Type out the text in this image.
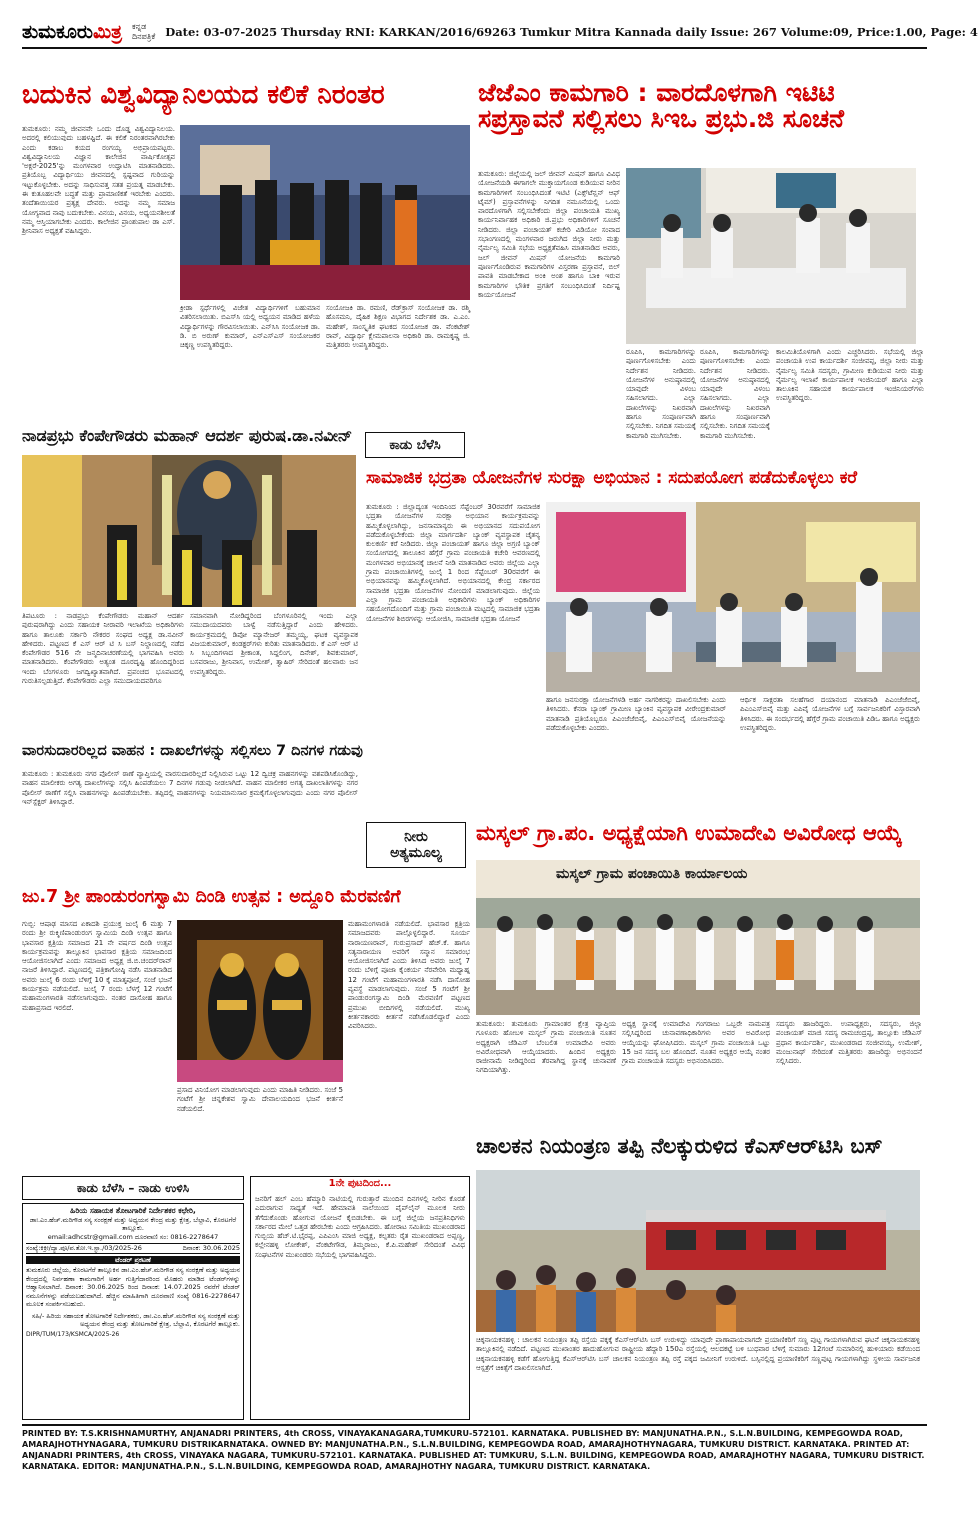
ತುಮಕೂರುಮಿತ್ರ ಕನ್ನಡ ದಿನಪತ್ರಿಕೆ Date: 03-07-2025 Thursday RNI: KARKAN/2016/69263 Tumkur Mitra Kannada daily Issue: 267 Volume:09, Price:1.00, Page: 4
ಬದುಕಿನ ವಿಶ್ವವಿದ್ಯಾನಿಲಯದ ಕಲಿಕೆ ನಿರಂತರ
ತುಮಕೂರು: ನಮ್ಮ ಜೀವನವೇ ಒಂದು ದೊಡ್ಡ ವಿಶ್ವವಿದ್ಯಾನಿಲಯ. ಅದರಲ್ಲಿ ಕಲಿಯುವುದು ಬಹಳಷ್ಟಿದೆ. ಈ ಕಲಿಕೆ ನಿರಂತರವಾಗಿರಬೇಕು ಎಂದು ಕಡಾಬ ಕಯದ ರಂಗಯ್ಯ ಅಭಿಪ್ರಾಯಪಟ್ಟರು. ವಿಶ್ವವಿದ್ಯಾನಿಲಯ ವಿಜ್ಞಾನ ಕಾಲೇಜಿನ ವಾರ್ಷಿಕೋತ್ಸವ 'ಅಕ್ಷರೆ-2025'ನ್ನು ಮಂಗಳವಾರ ಉದ್ಘಾಟಿಸಿ ಮಾತನಾಡಿದರು. ಪ್ರತಿಯೊಬ್ಬ ವಿದ್ಯಾರ್ಥಿಯು ಜೀವನದಲ್ಲಿ ಸ್ಪಷ್ಟವಾದ ಗುರಿಯನ್ನು ಇಟ್ಟುಕೊಳ್ಳಬೇಕು. ಅದನ್ನು ಸಾಧಿಸುವತ್ತ ಸತತ ಪ್ರಯತ್ನ ಮಾಡಬೇಕು. ಈ ಕುತೂಹಲವೇ ಬದ್ಧತೆ ಮತ್ತು ಪ್ರಾಮಾಣಿಕತೆ ಇರಬೇಕು ಎಂದರು. ತಂದೆತಾಯಿಯರ ಪ್ರತ್ಯಕ್ಷ ದೇವರು. ಅದನ್ನು ನಮ್ಮ ಸಮಾಜ ಯೋಗ್ಯವಾದ ನಾವು ಬದುಕಬೇಕು. ವಿನಯ, ವಿನಯ, ಅಧ್ಯಯನಶೀಲತೆ ನಮ್ಮ ಆಸ್ತಿಯಾಗಬೇಕು ಎಂದರು. ಕಾಲೇಜಿನ ಪ್ರಾಂಶುಪಾಲ ಡಾ ಎಸ್. ಶ್ರೀನಿವಾಸ ಅಧ್ಯಕ್ಷತೆ ವಹಿಸಿದ್ದರು.
ಕ್ರೀಡಾ ಸ್ಪರ್ಧೆಗಳಲ್ಲಿ ವಿಜೇತ ವಿದ್ಯಾರ್ಥಿಗಳಿಗೆ ಬಹುಮಾನ ವಿತರಿಸಲಾಯಿತು. ಬಿಎಸ್‌ಸಿ ಯಲ್ಲಿ ಅಧ್ಯಯನ ಮಾಡಿದ ಹಳೆಯ ವಿದ್ಯಾರ್ಥಿಗಳನ್ನು ಗೌರವಿಸಲಾಯಿತು. ಎನ್‌ಸಿಸಿ ಸಂಯೋಜಕ ಡಾ. ಡಿ. ಬಿ ಅರುಣ್ ಕುಮಾರ್, ಎನ್‌ಎಸ್‌ಎಸ್ ಸಂಯೋಜಕರ ಚಿಕ್ಕಣ್ಣ ಉಪಸ್ಥಿತರಿದ್ದರು.
ಸಂಯೋಜಕಿ ಡಾ. ರಮಣಿ, ರೆಡ್‌ಕ್ರಾಸ್ ಸಂಯೋಜಕ ಡಾ. ರಶ್ಮಿ ಹೊಸಮನಿ, ದೈಹಿಕ ಶಿಕ್ಷಣ ವಿಭಾಗದ ನಿರ್ದೇಶಕ ಡಾ. ಎ.ಎಂ. ಮಹೇಶ್, ಸಾಂಸ್ಕೃತಿಕ ಘಟಕದ ಸಂಯೋಜಕ ಡಾ. ವೆಂಕಟೇಶ್ ರಾವ್, ವಿದ್ಯಾರ್ಥಿ ಕ್ಷೇಮಪಾಲನಾ ಅಧಿಕಾರಿ ಡಾ. ರಾಮಕೃಷ್ಣ ಜಿ. ಮತ್ತಿತರರು ಉಪಸ್ಥಿತರಿದ್ದರು.
ಜೆಜೆಎಂ ಕಾಮಗಾರಿ : ವಾರದೊಳಗಾಗಿ ಇಟಿಟಿ ಸಪ್ರಸ್ತಾವನೆ ಸಲ್ಲಿಸಲು ಸಿಇಒ ಪ್ರಭು.ಜಿ ಸೂಚನೆ
ತುಮಕೂರು: ಜಿಲ್ಲೆಯಲ್ಲಿ ಜಲ್ ಜೀವನ್ ಮಿಷನ್ ಹಾಗೂ ವಿವಿಧ ಯೋಜನೆಯಡಿ ಈಗಾಗಲೇ ಮುಕ್ತಾಯಗೊಂಡ ಕುಡಿಯುವ ನೀರಿನ ಕಾಮಗಾರಿಗಳಿಗೆ ಸಂಬಂಧಿಸಿದಂತೆ ಇಟಿಟಿ (ಎಕ್ಸ್‌ಟೆನ್ಷನ್ ಆಫ್ ಟೈಮ್) ಪ್ರಸ್ತಾವನೆಗಳನ್ನು ನಿಗದಿತ ನಮೂನೆಯಲ್ಲಿ ಒಂದು ವಾರದೊಳಗಾಗಿ ಸಲ್ಲಿಸಬೇಕೆಂದು ಜಿಲ್ಲಾ ಪಂಚಾಯತಿ ಮುಖ್ಯ ಕಾರ್ಯನಿರ್ವಾಹಕ ಅಧಿಕಾರಿ ಜಿ.ಪ್ರಭು ಅಧಿಕಾರಿಗಳಿಗೆ ಸೂಚನೆ ನೀಡಿದರು. ಜಿಲ್ಲಾ ಪಂಚಾಯತ್ ಕಚೇರಿ ವಿಡಿಯೋ ಸಂವಾದ ಸಭಾಂಗಣದಲ್ಲಿ ಮಂಗಳವಾರ ಜರುಗಿದ ಜಿಲ್ಲಾ ನೀರು ಮತ್ತು ನೈರ್ಮಲ್ಯ ಸಮಿತಿ ಸಭೆಯ ಅಧ್ಯಕ್ಷತೆವಹಿಸಿ ಮಾತನಾಡಿದ ಅವರು, ಜಲ್ ಜೀವನ್ ಮಿಷನ್ ಯೋಜನೆಯ ಕಾಮಗಾರಿ ಪೂರ್ಣಗೊಂಡಿರುವ ಕಾಮಗಾರಿಗಳ ವಿಸ್ತರಣಾ ಪ್ರಸ್ತಾವನೆ, ಬಿಲ್ ಪಾವತಿ ಮಾಡಬೇಕಾದ ಅಂಕಿ ಅಂಶ ಹಾಗೂ ಬಾಕಿ ಇರುವ ಕಾಮಗಾರಿಗಳ ಭೌತಿಕ ಪ್ರಗತಿಗೆ ಸಂಬಂಧಿಸಿದಂತೆ ನಿರ್ದಿಷ್ಟ ಕಾರ್ಯಯೋಜನೆ
ರೂಪಿಸಿ, ಕಾಮಗಾರಿಗಳನ್ನು ಪೂರ್ಣಗೊಳಿಸಬೇಕು ಎಂದು ನಿರ್ದೇಶನ ನೀಡಿದರು. ಯೋಜನೆಗಳ ಅನುಷ್ಠಾನದಲ್ಲಿ ಯಾವುದೇ ವಿಳಂಬ ಸಹಿಸಲಾಗದು. ಎಲ್ಲಾ ದಾಖಲೆಗಳನ್ನು ನಿಖರವಾಗಿ ಹಾಗೂ ಸಂಪೂರ್ಣವಾಗಿ ಸಲ್ಲಿಸಬೇಕು. ನಿಗದಿತ ಸಮಯಕ್ಕೆ ಕಾಮಗಾರಿ ಮುಗಿಸಬೇಕು.
ರೂಪಿಸಿ, ಕಾಮಗಾರಿಗಳನ್ನು ಪೂರ್ಣಗೊಳಿಸಬೇಕು ಎಂದು ನಿರ್ದೇಶನ ನೀಡಿದರು. ಯೋಜನೆಗಳ ಅನುಷ್ಠಾನದಲ್ಲಿ ಯಾವುದೇ ವಿಳಂಬ ಸಹಿಸಲಾಗದು. ಎಲ್ಲಾ ದಾಖಲೆಗಳನ್ನು ನಿಖರವಾಗಿ ಹಾಗೂ ಸಂಪೂರ್ಣವಾಗಿ ಸಲ್ಲಿಸಬೇಕು. ನಿಗದಿತ ಸಮಯಕ್ಕೆ ಕಾಮಗಾರಿ ಮುಗಿಸಬೇಕು.
ಕಾಲಮಿತಿಯೊಳಗಾಗಿ ಎಂದು ಎಚ್ಚರಿಸಿದರು. ಸಭೆಯಲ್ಲಿ ಜಿಲ್ಲಾ ಪಂಚಾಯತಿ ಉಪ ಕಾರ್ಯದರ್ಶಿ ಸಂಜೀವಪ್ಪ, ಜಿಲ್ಲಾ ನೀರು ಮತ್ತು ನೈರ್ಮಲ್ಯ ಸಮಿತಿ ಸದಸ್ಯರು, ಗ್ರಾಮೀಣ ಕುಡಿಯುವ ನೀರು ಮತ್ತು ನೈರ್ಮಲ್ಯ ಇಲಾಖೆ ಕಾರ್ಯಪಾಲಕ ಇಂಜಿನಿಯರ್ ಹಾಗೂ ಎಲ್ಲಾ ತಾಲೂಕಿನ ಸಹಾಯಕ ಕಾರ್ಯಪಾಲಕ ಇಂಜಿನಿಯರ್‌ಗಳು ಉಪಸ್ಥಿತರಿದ್ದರು.
ಕಾಡು ಬೆಳೆಸಿ
ನಾಡಪ್ರಭು ಕೆಂಪೇಗೌಡರು ಮಹಾನ್ ಆದರ್ಶ ಪುರುಷ.ಡಾ.ನವೀನ್
ತಿಪಟೂರು : ನಾಡಪ್ರಭು ಕೆಂಪೇಗೌಡರು ಮಹಾನ್ ಆದರ್ಶ ಪುರುಷರಾಗಿದ್ದು ಎಂದು ಸಹಾಯಕ ನೀರಾವರಿ ಇಲಾಖೆಯ ಅಧಿಕಾರಿಗಳು ಹಾಗೂ ತಾಲೂಕು ಸರ್ಕಾರಿ ನೌಕರರ ಸಂಘದ ಅಧ್ಯಕ್ಷ ಡಾ.ನವೀನ್ ಹೇಳಿದರು. ಪಟ್ಟಣದ ಕೆ ಎಸ್ ಆರ್ ಟಿ ಸಿ ಬಸ್ ನಿಲ್ದಾಣದಲ್ಲಿ ನಡೆದ ಕೆಂಪೇಗೌಡರ 516 ನೇ ಜನ್ಮದಿನಾಚರಣೆಯಲ್ಲಿ ಭಾಗವಹಿಸಿ ಅವರು ಮಾತನಾಡಿದರು. ಕೆಂಪೇಗೌಡರು ಅತ್ಯಂತ ದೂರದೃಷ್ಟಿ ಹೊಂದಿದ್ದರಿಂದ ಇಂದು ಬೆಂಗಳೂರು ಜಗದ್ವಿಖ್ಯಾತವಾಗಿದೆ. ಪ್ರಪಂಚದ ಭೂಪಟದಲ್ಲಿ ಗುರುತಿಸಲ್ಪಡುತ್ತಿದೆ. ಕೆಂಪೇಗೌಡರು ಎಲ್ಲಾ ಸಮುದಾಯದವರಿಗೂ
ಸಮಾನವಾಗಿ ನೋಡಿದ್ದರಿಂದ ಬೆಂಗಳೂರಿನಲ್ಲಿ ಇಂದು ಎಲ್ಲಾ ಸಮುದಾಯದವರು ಬಾಳ್ವೆ ನಡೆಸುತ್ತಿದ್ದಾರೆ ಎಂದು ಹೇಳಿದರು. ಕಾರ್ಯಕ್ರಮದಲ್ಲಿ ಡಿಪೋ ಮ್ಯಾನೇಜರ್ ತಮ್ಮಯ್ಯ, ಘಟಕ ವ್ಯವಸ್ಥಾಪಕ ವಿಜಯಕುಮಾರ್, ಕಂಡಕ್ಟರ್‌ಗಳು ಕುರಿತು ಮಾತನಾಡಿದರು. ಕೆ ಎಸ್ ಆರ್ ಟಿ ಸಿ ಸಿಬ್ಬಂದಿಗಳಾದ ಶ್ರೀಕಾಂತ, ಸಿದ್ದಲಿಂಗ, ದಿನೇಶ್, ಶಿವಕುಮಾರ್, ಬಸವರಾಜು, ಶ್ರೀನಿವಾಸ, ಉಮೇಶ್, ತ್ವಾಹಿರ್ ಸೇರಿದಂತೆ ಹಲವಾರು ಜನ ಉಪಸ್ಥಿತರಿದ್ದರು.
ಸಾಮಾಜಿಕ ಭದ್ರತಾ ಯೋಜನೆಗಳ ಸುರಕ್ಷಾ ಅಭಿಯಾನ : ಸದುಪಯೋಗ ಪಡೆದುಕೊಳ್ಳಲು ಕರೆ
ತುಮಕೂರು : ಜಿಲ್ಲಾದ್ಯಂತ ಇಂದಿನಿಂದ ಸೆಪ್ಟೆಂಬರ್ 30ರವರೆಗೆ ಸಾಮಾಜಿಕ ಭದ್ರತಾ ಯೋಜನೆಗಳ ಸುರಕ್ಷಾ ಅಭಿಯಾನ ಕಾರ್ಯಕ್ರಮವನ್ನು ಹಮ್ಮಿಕೊಳ್ಳಲಾಗಿದ್ದು, ಜನಸಾಮಾನ್ಯರು ಈ ಅಭಿಯಾನದ ಸದುಪಯೋಗ ಪಡೆದುಕೊಳ್ಳಬೇಕೆಂದು ಜಿಲ್ಲಾ ಮಾರ್ಗದರ್ಶಿ ಬ್ಯಾಂಕ್ ವ್ಯವಸ್ಥಾಪಕ ಚೈತನ್ಯ ಕುಲಕರ್ಣಿ ಕರೆ ನೀಡಿದರು. ಜಿಲ್ಲಾ ಪಂಚಾಯತ್ ಹಾಗೂ ಜಿಲ್ಲಾ ಅಗ್ರಣಿ ಬ್ಯಾಂಕ್ ಸಂಯೋಗದಲ್ಲಿ ತಾಲೂಕಿನ ಹೆಗ್ಗೆರೆ ಗ್ರಾಮ ಪಂಚಾಯತಿ ಕಚೇರಿ ಆವರಣದಲ್ಲಿ ಮಂಗಳವಾರ ಅಭಿಯಾನಕ್ಕೆ ಚಾಲನೆ ನೀಡಿ ಮಾತನಾಡಿದ ಅವರು ಜಿಲ್ಲೆಯ ಎಲ್ಲಾ ಗ್ರಾಮ ಪಂಚಾಯಿತಿಗಳಲ್ಲಿ ಜುಲೈ 1 ರಿಂದ ಸೆಪ್ಟೆಂಬರ್ 30ರವರೆಗೆ ಈ ಅಭಿಯಾನವನ್ನು ಹಮ್ಮಿಕೊಳ್ಳಲಾಗಿದೆ. ಅಭಿಯಾನದಲ್ಲಿ ಕೇಂದ್ರ ಸರ್ಕಾರದ ಸಾಮಾಜಿಕ ಭದ್ರತಾ ಯೋಜನೆಗಳ ನೋಂದಣಿ ಮಾಡಲಾಗುವುದು. ಜಿಲ್ಲೆಯ ಎಲ್ಲಾ ಗ್ರಾಮ ಪಂಚಾಯತಿ ಅಧಿಕಾರಿಗಳು ಬ್ಯಾಂಕ್ ಅಧಿಕಾರಿಗಳ ಸಹಯೋಗದೊಂದಿಗೆ ಮತ್ತು ಗ್ರಾಮ ಪಂಚಾಯಿತಿ ಮಟ್ಟದಲ್ಲಿ ಸಾಮಾಜಿಕ ಭದ್ರತಾ ಯೋಜನೆಗಳ ಶಿಬಿರಗಳನ್ನು ಆಯೋಜಿಸಿ, ಸಾಮಾಜಿಕ ಭದ್ರತಾ ಯೋಜನೆ
ಹಾಗೂ ಜನಸುರಕ್ಷಾ ಯೋಜನೆಗಳಡಿ ಅರ್ಹ ನಾಗರಿಕರನ್ನು ದಾಖಲಿಸಬೇಕು ಎಂದು ತಿಳಿಸಿದರು. ಕೆನರಾ ಬ್ಯಾಂಕ್ ಗ್ರಾಮೀಣ ಬ್ಯಾಂಕಿನ ವ್ಯವಸ್ಥಾಪಕ ವೀರೇಂದ್ರಕುಮಾರ್ ಮಾತನಾಡಿ ಪ್ರತಿಯೊಬ್ಬರೂ ಪಿಎಂಜೆಜೆಬಿವೈ, ಪಿಎಂಎಸ್‌ಬಿವೈ ಯೋಜನೆಯನ್ನು ಪಡೆದುಕೊಳ್ಳಬೇಕು ಎಂದರು.
ಆರ್ಥಿಕ ಸಾಕ್ಷರತಾ ಸಲಹೆಗಾರ ದಯಾನಂದ ಮಾತನಾಡಿ ಪಿಎಂಜೆಜೆಬಿವೈ, ಪಿಎಂಎಸ್‌ಬಿವೈ ಮತ್ತು ಎಪಿವೈ ಯೋಜನೆಗಳ ಬಗ್ಗೆ ಸಾರ್ವಜನಿಕರಿಗೆ ವಿಸ್ತಾರವಾಗಿ ತಿಳಿಸಿದರು. ಈ ಸಂದರ್ಭದಲ್ಲಿ ಹೆಗ್ಗೆರೆ ಗ್ರಾಮ ಪಂಚಾಯಿತಿ ಪಿಡಿಒ ಹಾಗೂ ಅಧ್ಯಕ್ಷರು ಉಪಸ್ಥಿತರಿದ್ದರು.
ವಾರಸುದಾರರಿಲ್ಲದ ವಾಹನ : ದಾಖಲೆಗಳನ್ನು ಸಲ್ಲಿಸಲು 7 ದಿನಗಳ ಗಡುವು
ತುಮಕೂರು : ತುಮಕೂರು ನಗರ ಪೊಲೀಸ್ ಠಾಣೆ ವ್ಯಾಪ್ತಿಯಲ್ಲಿ ವಾರಸುದಾರರಿಲ್ಲದೆ ನಿಲ್ಲಿಸಿರುವ ಒಟ್ಟು 12 ದ್ವಿಚಕ್ರ ವಾಹನಗಳನ್ನು ವಶಪಡಿಸಿಕೊಂಡಿದ್ದು, ವಾಹನ ಮಾಲೀಕರು ಅಗತ್ಯ ದಾಖಲೆಗಳನ್ನು ಸಲ್ಲಿಸಿ ಹಿಂಪಡೆಯಲು 7 ದಿನಗಳ ಗಡುವು ನೀಡಲಾಗಿದೆ. ವಾಹನ ಮಾಲೀಕರ ಅಗತ್ಯ ದಾಖಲಾತಿಗಳನ್ನು ನಗರ ಪೊಲೀಸ್ ಠಾಣೆಗೆ ಸಲ್ಲಿಸಿ ವಾಹನಗಳನ್ನು ಹಿಂಪಡೆಯಬೇಕು. ತಪ್ಪಿದಲ್ಲಿ ವಾಹನಗಳನ್ನು ನಿಯಮಾನುಸಾರ ಕ್ರಮಕೈಗೊಳ್ಳಲಾಗುವುದು ಎಂದು ನಗರ ಪೊಲೀಸ್ ಇನ್‌ಸ್ಪೆಕ್ಟರ್ ತಿಳಿಸಿದ್ದಾರೆ.
ನೀರು
ಅತ್ಯಮೂಲ್ಯ
ಜು.7 ಶ್ರೀ ಪಾಂಡುರಂಗಸ್ವಾಮಿ ದಿಂಡಿ ಉತ್ಸವ : ಅದ್ದೂರಿ ಮೆರವಣಿಗೆ
ಗುಬ್ಬಿ: ಆಷಾಢ ಮಾಸದ ಏಕಾದಶಿ ಪ್ರಯುಕ್ತ ಜುಲೈ 6 ಮತ್ತು 7 ರಂದು ಶ್ರೀ ರುಕ್ಮಿಣಿಪಾಂಡುರಂಗ ಸ್ವಾಮಿಯ ದಿಂಡಿ ಉತ್ಸವ ಹಾಗೂ ಭಾವಸಾರ ಕ್ಷತ್ರಿಯ ಸಮಾಜದ 21 ನೇ ವರ್ಷದ ದಿಂಡಿ ಉತ್ಸವ ಕಾರ್ಯಕ್ರಮವನ್ನು ತಾಲ್ಲೂಕಿನ ಭಾವಸಾರ ಕ್ಷತ್ರಿಯ ಸಮಾಜದಿಂದ ಆಯೋಜಿಸಲಾಗಿದೆ ಎಂದು ಸಮಾಜದ ಅಧ್ಯಕ್ಷ ಜಿ.ಬಿ.ಚಂದರ್‌ರಾವ್ ನಾಜರೆ ತಿಳಿಸಿದ್ದಾರೆ. ಪಟ್ಟಣದಲ್ಲಿ ಪತ್ರಿಕಾಗೋಷ್ಠಿ ನಡೆಸಿ ಮಾತನಾಡಿದ ಅವರು ಜುಲೈ 6 ರಂದು ಬೆಳಿಗ್ಗೆ 10 ಕ್ಕೆ ಮಾತೃಪೂಜೆ, ಸಂಜೆ ಭಜನೆ ಕಾರ್ಯಕ್ರಮ ನಡೆಯಲಿದೆ. ಜುಲೈ 7 ರಂದು ಬೆಳಗ್ಗೆ 12 ಗಂಟೆಗೆ ಮಹಾಮಂಗಳಾರತಿ ನಡೆಸಲಾಗುವುದು. ನಂತರ ದಾಸೋಹ ಹಾಗೂ ಮಹಾಪ್ರಸಾದ ಇರಲಿದೆ.
ಪ್ರಸಾದ ವಿನಿಯೋಗ ಮಾಡಲಾಗುವುದು ಎಂದು ಮಾಹಿತಿ ನೀಡಿದರು. ಸಂಜೆ 5 ಗಂಟೆಗೆ ಶ್ರೀ ಚನ್ನಕೇಶವ ಸ್ವಾಮಿ ದೇವಾಲಯದಿಂದ ಭಜನೆ ಕೀರ್ತನೆ ನಡೆಯಲಿದೆ.
ಮಹಾಮಂಗಳಾರತಿ ನಡೆಯಲಿದೆ. ಭಾವಸಾರ ಕ್ಷತ್ರಿಯ ಸಮಾಜದವರು ಪಾಲ್ಗೊಳ್ಳಲಿದ್ದಾರೆ. ಸೂರ್ಯ ನಾರಾಯಣರಾವ್, ಗುರುಪ್ರಸಾದ್ ಹೆಚ್.ಕೆ. ಹಾಗೂ ಸತ್ಯನಾರಾಯಣ ಅವರಿಗೆ ಸನ್ಮಾನ ಸಮಾರಂಭ ಆಯೋಜಿಸಲಾಗಿದೆ ಎಂದು ತಿಳಿಸಿದ ಅವರು ಜುಲೈ 7 ರಂದು ಬೆಳಿಗ್ಗೆ ಪೂಜಾ ಕೈಂಕರ್ಯ ನೆರವೇರಿಸಿ ಮಧ್ಯಾಹ್ನ 12 ಗಂಟೆಗೆ ಮಹಾಮಂಗಳಾರತಿ ನಡೆಸಿ ದಾಸೋಹ ವ್ಯವಸ್ಥೆ ಮಾಡಲಾಗುವುದು. ಸಂಜೆ 5 ಗಂಟೆಗೆ ಶ್ರೀ ಪಾಂಡುರಂಗಸ್ವಾಮಿ ದಿಂಡಿ ಮೆರವಣಿಗೆ ಪಟ್ಟಣದ ಪ್ರಮುಖ ಬೀದಿಗಳಲ್ಲಿ ನಡೆಯಲಿದೆ. ಮುಖ್ಯ ಕೀರ್ತನಕಾರರು ಕೀರ್ತನೆ ನಡೆಸಿಕೊಡಲಿದ್ದಾರೆ ಎಂದು ವಿವರಿಸಿದರು.
ಮಸ್ಕಲ್ ಗ್ರಾ.ಪಂ. ಅಧ್ಯಕ್ಷೆಯಾಗಿ ಉಮಾದೇವಿ ಅವಿರೋಧ ಆಯ್ಕೆ
ಮಸ್ಕಲ್ ಗ್ರಾಮ ಪಂಚಾಯಿತಿ ಕಾರ್ಯಾಲಯ
ತುಮಕೂರು: ತುಮಕೂರು ಗ್ರಾಮಾಂತರ ಕ್ಷೇತ್ರ ವ್ಯಾಪ್ತಿಯ ಗೂಳೂರು ಹೋಬಳಿ ಮಸ್ಕಲ್ ಗ್ರಾಮ ಪಂಚಾಯಿತಿ ನೂತನ ಅಧ್ಯಕ್ಷರಾಗಿ ಜೆಡಿಎಸ್ ಬೆಂಬಲಿತ ಉಮಾದೇವಿ ಅವರು ಅವಿರೋಧವಾಗಿ ಆಯ್ಕೆಯಾದರು. ಹಿಂದಿನ ಅಧ್ಯಕ್ಷರು ರಾಜೀನಾಮೆ ನೀಡಿದ್ದರಿಂದ ತೆರವಾಗಿದ್ದ ಸ್ಥಾನಕ್ಕೆ ಚುನಾವಣೆ ನಿಗದಿಯಾಗಿತ್ತು.
ಅಧ್ಯಕ್ಷ ಸ್ಥಾನಕ್ಕೆ ಉಮಾದೇವಿ ಗಂಗರಾಜು ಒಬ್ಬರೇ ನಾಮಪತ್ರ ಸಲ್ಲಿಸಿದ್ದರಿಂದ ಚುನಾವಣಾಧಿಕಾರಿಗಳು ಅವರ ಅವಿರೋಧ ಆಯ್ಕೆಯನ್ನು ಘೋಷಿಸಿದರು. ಮಸ್ಕಲ್ ಗ್ರಾಮ ಪಂಚಾಯಿತಿ ಒಟ್ಟು 15 ಜನ ಸದಸ್ಯ ಬಲ ಹೊಂದಿದೆ. ನೂತನ ಅಧ್ಯಕ್ಷರ ಆಯ್ಕೆ ನಂತರ ಗ್ರಾಮ ಪಂಚಾಯತಿ ಸದಸ್ಯರು ಅಭಿನಂದಿಸಿದರು.
ಸದಸ್ಯರು ಹಾಜರಿದ್ದರು. ಉಪಾಧ್ಯಕ್ಷರು, ಸದಸ್ಯರು, ಜಿಲ್ಲಾ ಪಂಚಾಯತ್ ಮಾಜಿ ಸದಸ್ಯ ರಾಮಚಂದ್ರಪ್ಪ, ತಾಲ್ಲೂಕು ಜೆಡಿಎಸ್ ಪ್ರಧಾನ ಕಾರ್ಯದರ್ಶಿ, ಮುಖಂಡರಾದ ಸಂಜೀವಯ್ಯ, ಉಮೇಶ್, ಮಂಜುನಾಥ್ ಸೇರಿದಂತೆ ಮತ್ತಿತರರು ಹಾಜರಿದ್ದು ಅಭಿನಂದನೆ ಸಲ್ಲಿಸಿದರು.
ಚಾಲಕನ ನಿಯಂತ್ರಣ ತಪ್ಪಿ ನೆಲಕ್ಕುರುಳಿದ ಕೆಎಸ್‌ಆರ್‌ಟಿಸಿ ಬಸ್
ಚಿಕ್ಕನಾಯಕನಹಳ್ಳಿ : ಚಾಲಕನ ನಿಯಂತ್ರಣ ತಪ್ಪಿ ರಸ್ತೆಯ ಪಕ್ಕಕ್ಕೆ ಕೆಎಸ್‌ಆರ್‌ಟಿಸಿ ಬಸ್ ಉರುಳಿದ್ದು ಯಾವುದೇ ಪ್ರಾಣಾಪಾಯವಾಗದೇ ಪ್ರಯಾಣಿಕರಿಗೆ ಸಣ್ಣ ಪುಟ್ಟ ಗಾಯಗಳಾಗಿರುವ ಘಟನೆ ಚಿಕ್ಕನಾಯಕನಹಳ್ಳಿ ತಾಲ್ಲೂಕಿನಲ್ಲಿ ನಡೆದಿದೆ. ಪಟ್ಟಣದ ಮುಖಾಂತರ ಹಾದುಹೋಗುವ ರಾಷ್ಟ್ರೀಯ ಹೆದ್ದಾರಿ 150ಎ ರಸ್ತೆಯಲ್ಲಿ ಆಲದಕಟ್ಟೆ ಬಳಿ ಬುಧವಾರ ಬೆಳಿಗ್ಗೆ ಸುಮಾರು 12ಗಂಟೆ ಸುಮಾರಿನಲ್ಲಿ ಹುಳಿಯಾರು ಕಡೆಯಿಂದ ಚಿಕ್ಕನಾಯಕನಹಳ್ಳಿ ಕಡೆಗೆ ಹೋಗುತ್ತಿದ್ದ ಕೆಎಸ್‌ಆರ್‌ಟಿಸಿ ಬಸ್ ಚಾಲಕನ ನಿಯಂತ್ರಣ ತಪ್ಪಿ ರಸ್ತೆ ಪಕ್ಕದ ಜಮೀನಿಗೆ ಉರುಳಿದೆ. ಬಸ್ಸಿನಲ್ಲಿದ್ದ ಪ್ರಯಾಣಿಕರಿಗೆ ಸಣ್ಣಪುಟ್ಟ ಗಾಯಗಳಾಗಿದ್ದು ಸ್ಥಳೀಯ ಸಾರ್ವಜನಿಕ ಆಸ್ಪತ್ರೆಗೆ ಚಿಕಿತ್ಸೆಗೆ ದಾಖಲಿಸಲಾಗಿದೆ.
ಕಾಡು ಬೆಳೆಸಿ – ನಾಡು ಉಳಿಸಿ
ಹಿರಿಯ ಸಹಾಯಕ ತೋಟಗಾರಿಕೆ ನಿರ್ದೇಶಕರ ಕಛೇರಿ,
ಡಾಃ.ಎಂ.ಹೆಚ್.ಮರಿಗೌಡ ಸಸ್ಯ ಸಂರಕ್ಷಣೆ ಮತ್ತು ಅಧ್ಯಯನ ಕೇಂದ್ರ ಮತ್ತು ಕ್ಷೇತ್ರ, ಬೆಲ್ಲಾವಿ, ಕೊರಟಗೆರೆ ತಾಲ್ಲೂಕು.
email:adhcstr@gmail.com ದೂರವಾಣಿ ಸಂ: 0816-2278647
ಸಂಖ್ಯೆ:ಕಿಕ್ರೀ/ದ್ಯಾ.ಪೂ/ಪ.ತೋ.ಇ.ಸ್ಟಾ./03/2025-26	ದಿನಾಂಕ: 30.06.2025
ಟೆಂಡರ್ ಪ್ರಕಟಣೆ
ತುಮಕೂರು ಜಿಲ್ಲೆಯ, ಕೊರಟಗೆರೆ ತಾಲ್ಲೂಕಿನ ಡಾಃ.ಎಂ.ಹೆಚ್.ಮರಿಗೌಡ ಸಸ್ಯ ಸಂರಕ್ಷಣೆ ಮತ್ತು ಅಧ್ಯಯನ ಕೇಂದ್ರದಲ್ಲಿ ನಿರ್ವಹಣಾ ಕಾಮಗಾರಿಗೆ ಅರ್ಹ ಗುತ್ತಿಗೆದಾರರಿಂದ ಮೊಹರು ಮಾಡಿದ ಟೆಂಡರ್‌ಗಳನ್ನು ಆಹ್ವಾನಿಸಲಾಗಿದೆ. ದಿನಾಂಕ: 30.06.2025 ರಿಂದ ದಿನಾಂಕ: 14.07.2025 ರವರೆಗೆ ಟೆಂಡರ್ ನಮೂನೆಗಳನ್ನು ಪಡೆಯಬಹುದಾಗಿದೆ. ಹೆಚ್ಚಿನ ಮಾಹಿತಿಗಾಗಿ ದೂರವಾಣಿ ಸಂಖ್ಯೆ 0816-2278647 ಮೂಲಕ ಸಂಪರ್ಕಿಸಬಹುದು.
ಸಹಿ/- ಹಿರಿಯ ಸಹಾಯಕ ತೋಟಗಾರಿಕೆ ನಿರ್ದೇಶಕರು, ಡಾಃ.ಎಂ.ಹೆಚ್.ಮರಿಗೌಡ ಸಸ್ಯ ಸಂರಕ್ಷಣೆ ಮತ್ತು ಅಧ್ಯಯನ ಕೇಂದ್ರ ಮತ್ತು ತೋಟಗಾರಿಕೆ ಕ್ಷೇತ್ರ, ಬೆಲ್ಲಾವಿ, ಕೊರಟಗೆರೆ ತಾಲ್ಲೂಕು.
DIPR/TUM/173/KSMCA/2025-26
1ನೇ ಪುಟದಿಂದ...
ಜನರಿಗೆ ಹಲ್ ಎಂಬ ಹೆಮ್ಮಾರಿ ನಾಟಿಯಲ್ಲಿ ಗುರುತ್ತಾರೆ ಮುಂದಿನ ದಿನಗಳಲ್ಲಿ ನೀರಿನ ಕೊರತೆ ಎದುರಾಗುವ ಸಾಧ್ಯತೆ ಇದೆ. ಹೇಮಾವತಿ ನಾಲೆಯಿಂದ ಪೈಪ್‌ಲೈನ್ ಮೂಲಕ ನೀರು ತೆಗೆದುಕೊಂಡು ಹೋಗುವ ಯೋಜನೆ ಕೈಬಿಡಬೇಕು. ಈ ಬಗ್ಗೆ ಜಿಲ್ಲೆಯ ಜನಪ್ರತಿನಿಧಿಗಳು ಸರ್ಕಾರದ ಮೇಲೆ ಒತ್ತಡ ಹೇರಬೇಕು ಎಂದು ಆಗ್ರಹಿಸಿದರು. ಹೋರಾಟ ಸಮಿತಿಯ ಮುಖಂಡರಾದ ಗುಬ್ಬಿಯ ಹೆಚ್.ಟಿ.ಭೈರಪ್ಪ, ಎಪಿಎಂಸಿ ಮಾಜಿ ಅಧ್ಯಕ್ಷ, ಕಲ್ಪತರು ರೈತ ಮುಖಂಡರಾದ ಅಪ್ಪಣ್ಣ, ಕಲ್ಲೇನಹಳ್ಳಿ ಲೋಕೇಶ್, ವೆಂಕಟೇಗೌಡ, ತಿಮ್ಮರಾಜು, ಕೆ.ಪಿ.ಮಹೇಶ್ ಸೇರಿದಂತೆ ವಿವಿಧ ಸಂಘಟನೆಗಳ ಮುಖಂಡರು ಸಭೆಯಲ್ಲಿ ಭಾಗವಹಿಸಿದ್ದರು.
PRINTED BY: T.S.KRISHNAMURTHY, ANJANADRI PRINTERS, 4th CROSS, VINAYAKANAGARA,TUMKURU-572101. KARNATAKA. PUBLISHED BY: MANJUNATHA.P.N., S.L.N.BUILDING, KEMPEGOWDA ROAD, AMARAJHOTHYNAGARA, TUMKURU DISTRIKARNATAKA. OWNED BY: MANJUNATHA.P.N., S.L.N.BUILDING, KEMPEGOWDA ROAD, AMARAJHOTHYNAGARA, TUMKURU DISTRICT. KARNATAKA. PRINTED AT: ANJANADRI PRINTERS, 4th CROSS, VINAYAKA NAGARA, TUMKURU-572101. KARNATAKA. PUBLISHED AT: TUMKURU, S.L.N. BUILDING, KEMPEGOWDA ROAD, AMARAJHOTHY NAGARA, TUMKURU DISTRICT. KARNATAKA. EDITOR: MANJUNATHA.P.N., S.L.N.BUILDING, KEMPEGOWDA ROAD, AMARAJHOTHY NAGARA, TUMKURU DISTRICT. KARNATAKA.
